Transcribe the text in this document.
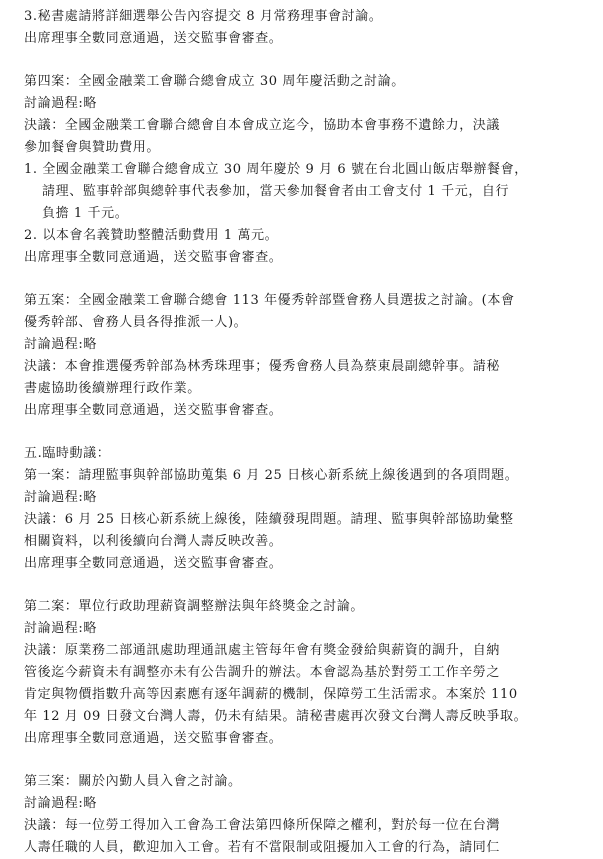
3.秘書處請將詳細選舉公告內容提交 8 月常務理事會討論。
出席理事全數同意通過，送交監事會審查。
第四案：全國金融業工會聯合總會成立 30 周年慶活動之討論。
討論過程:略
決議：全國金融業工會聯合總會自本會成立迄今，協助本會事務不遺餘力，決議
參加餐會與贊助費用。
1. 全國金融業工會聯合總會成立 30 周年慶於 9 月 6 號在台北圓山飯店舉辦餐會，
請理、監事幹部與總幹事代表參加，當天參加餐會者由工會支付 1 千元，自行
負擔 1 千元。
2. 以本會名義贊助整體活動費用 1 萬元。
出席理事全數同意通過，送交監事會審查。
第五案：全國金融業工會聯合總會 113 年優秀幹部暨會務人員選拔之討論。(本會
優秀幹部、會務人員各得推派一人)。
討論過程:略
決議：本會推選優秀幹部為林秀珠理事；優秀會務人員為蔡東晨副總幹事。請秘
書處協助後續辦理行政作業。
出席理事全數同意通過，送交監事會審查。
五.臨時動議：
第一案：請理監事與幹部協助蒐集 6 月 25 日核心新系統上線後遇到的各項問題。
討論過程:略
決議：6 月 25 日核心新系統上線後，陸續發現問題。請理、監事與幹部協助彙整
相關資料，以利後續向台灣人壽反映改善。
出席理事全數同意通過，送交監事會審查。
第二案：單位行政助理薪資調整辦法與年終獎金之討論。
討論過程:略
決議：原業務二部通訊處助理通訊處主管每年會有獎金發給與薪資的調升，自納
管後迄今薪資未有調整亦未有公告調升的辦法。本會認為基於對勞工工作辛勞之
肯定與物價指數升高等因素應有逐年調薪的機制，保障勞工生活需求。本案於 110
年 12 月 09 日發文台灣人壽，仍未有結果。請秘書處再次發文台灣人壽反映爭取。
出席理事全數同意通過，送交監事會審查。
第三案：關於內勤人員入會之討論。
討論過程:略
決議：每一位勞工得加入工會為工會法第四條所保障之權利，對於每一位在台灣
人壽任職的人員，歡迎加入工會。若有不當限制或阻擾加入工會的行為，請同仁
